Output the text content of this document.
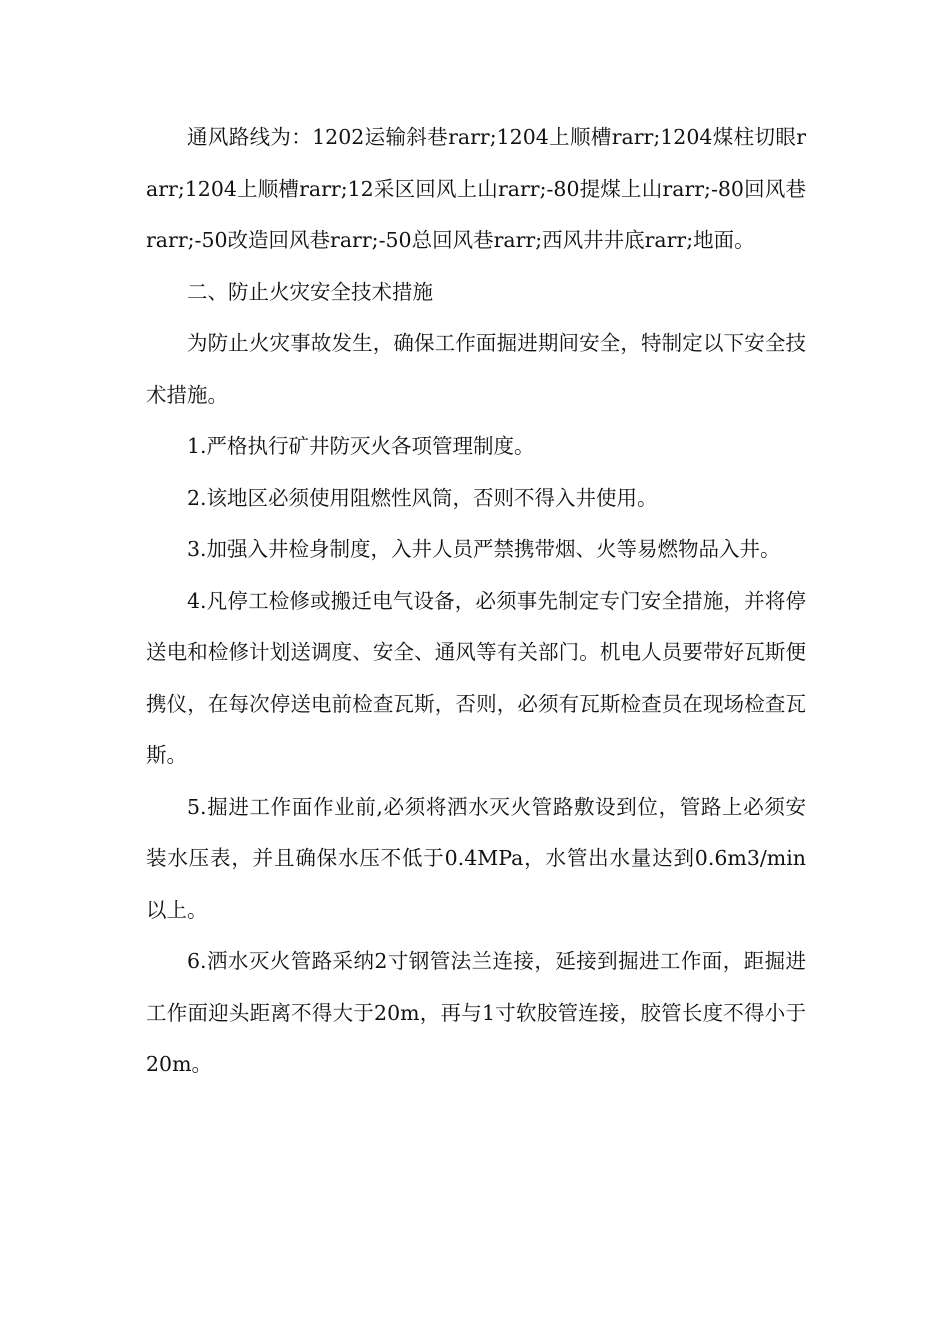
通风路线为：1202运输斜巷rarr;1204上顺槽rarr;1204煤柱切眼rarr;1204上顺槽rarr;12采区回风上山rarr;-80提煤上山rarr;-80回风巷rarr;-50改造回风巷rarr;-50总回风巷rarr;西风井井底rarr;地面。

二、防止火灾安全技术措施

为防止火灾事故发生，确保工作面掘进期间安全，特制定以下安全技术措施。

1.严格执行矿井防灭火各项管理制度。

2.该地区必须使用阻燃性风筒，否则不得入井使用。

3.加强入井检身制度，入井人员严禁携带烟、火等易燃物品入井。

4.凡停工检修或搬迁电气设备，必须事先制定专门安全措施，并将停送电和检修计划送调度、安全、通风等有关部门。机电人员要带好瓦斯便携仪，在每次停送电前检查瓦斯，否则，必须有瓦斯检查员在现场检查瓦斯。

5.掘进工作面作业前,必须将洒水灭火管路敷设到位，管路上必须安装水压表，并且确保水压不低于0.4MPa，水管出水量达到0.6m3/min以上。

6.洒水灭火管路采纳2寸钢管法兰连接，延接到掘进工作面，距掘进工作面迎头距离不得大于20m，再与1寸软胶管连接，胶管长度不得小于20m。
